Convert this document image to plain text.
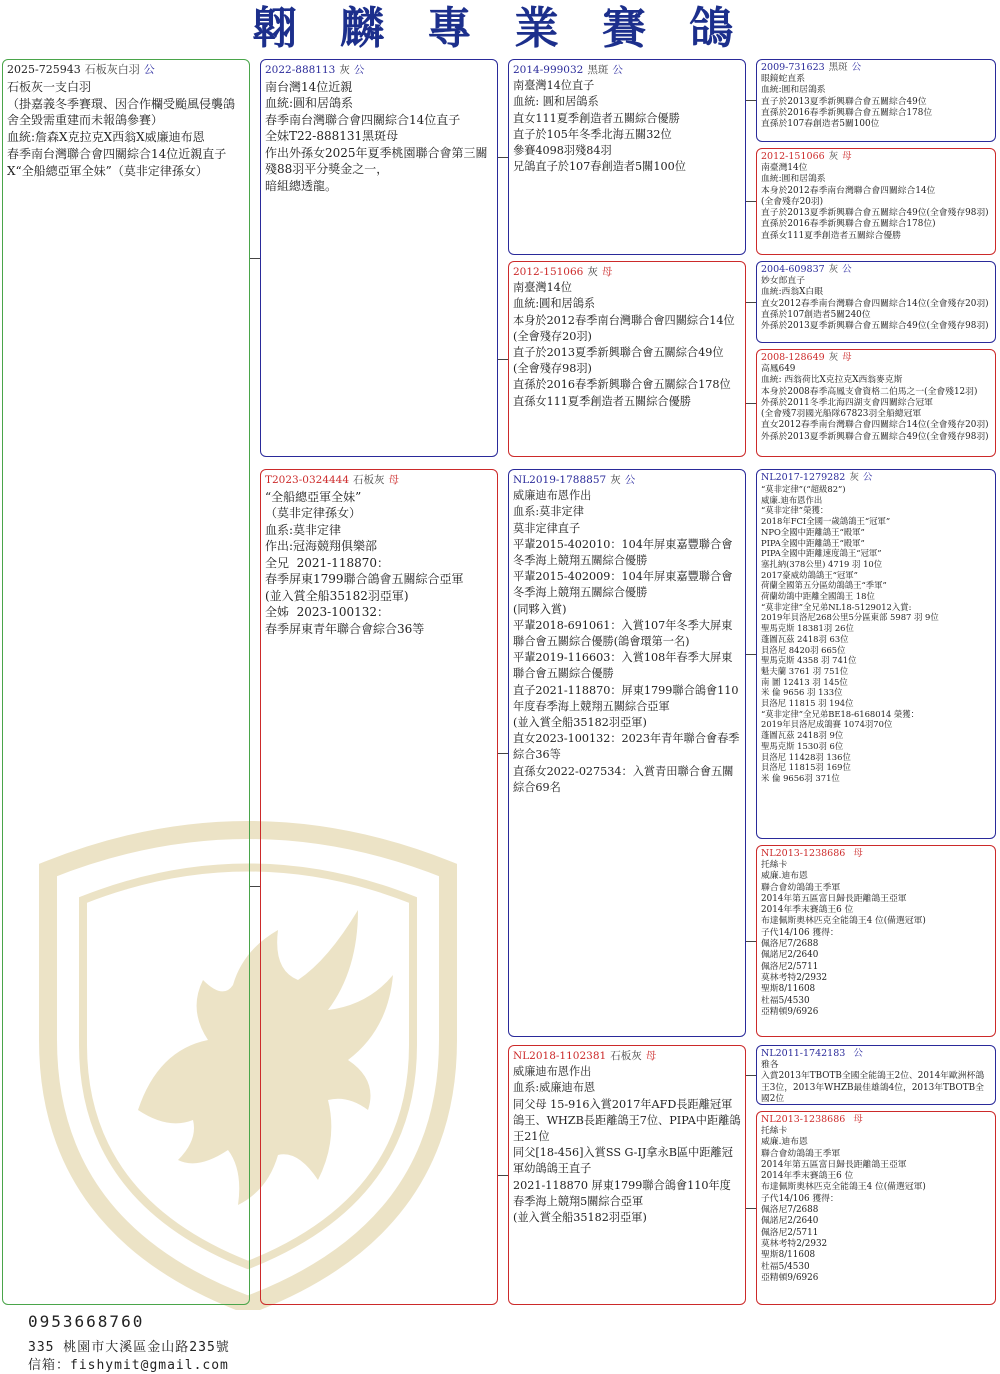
翺 麟 專 業 賽 鴿
2025-725943 石板灰白羽 公
石板灰一支白羽
（掛嘉義冬季賽環、因合作欄受颱風侵襲鴿舍全毀需重建而未報鴿參賽）
血統:詹森X克拉克X西翁X威廉迪布恩
春季南台灣聯合會四關綜合14位近親直子X“全船總亞軍全妹”（莫非定律孫女）
2022-888113 灰 公
南台灣14位近親
血統:圓和居鴿系
春季南台灣聯合會四關綜合14位直子
全妹T22-888131黑斑母
作出外孫女2025年夏季桃園聯合會第三關殘88羽平分獎金之一，
暗組總透龍。
T2023-0324444 石板灰 母
“全船總亞軍全妹”
（莫非定律孫女）
血系:莫非定律
作出:冠海競翔俱樂部
全兄  2021-118870：
春季屏東1799聯合鴿會五關綜合亞軍
(並入賞全船35182羽亞軍)
全姊  2023-100132：
春季屏東青年聯合會綜合36等
2014-999032 黑斑 公
南臺灣14位直子
血統: 圓和居鴿系
直女111夏季創造者五關綜合優勝
直子於105年冬季北海五關32位
參賽4098羽殘84羽
兄鴿直子於107春創造者5關100位
2012-151066 灰 母
南臺灣14位
血統:圓和居鴿系
本身於2012春季南台灣聯合會四關綜合14位
(全會殘存20羽)
直子於2013夏季新興聯合會五關綜合49位
(全會殘存98羽)
直孫於2016春季新興聯合會五關綜合178位
直孫女111夏季創造者五關綜合優勝
NL2019-1788857 灰 公
威廉迪布恩作出
血系:莫非定律
莫非定律直子
平輩2015-402010：104年屏東嘉豐聯合會冬季海上競翔五關綜合優勝
平輩2015-402009：104年屏東嘉豐聯合會冬季海上競翔五關綜合優勝
(同夥入賞)
平輩2018-691061：入賞107年冬季大屏東聯合會五關綜合優勝(鴿會環第一名)
平輩2019-116603：入賞108年春季大屏東聯合會五關綜合優勝
直子2021-118870：屏東1799聯合鴿會110年度春季海上競翔五關綜合亞軍
(並入賞全船35182羽亞軍)
直女2023-100132：2023年青年聯合會春季綜合36等
直孫女2022-027534：入賞青田聯合會五關綜合69名
NL2018-1102381 石板灰 母
威廉迪布恩作出
血系:威廉迪布恩
同父母 15-916入賞2017年AFD長距離冠軍鴿王、WHZB長距離鴿王7位、PIPA中距離鴿王21位
同父[18-456]入賞SS G-IJ拿永B區中距離冠軍幼鴿鴿王直子
2021-118870 屏東1799聯合鴿會110年度春季海上競翔5關綜合亞軍
(並入賞全船35182羽亞軍)
2009-731623 黑斑 公
眼鏡蛇直系
血統:圓和居鴿系
直子於2013夏季新興聯合會五關綜合49位
直孫於2016春季新興聯合會五關綜合178位
直孫於107春創造者5關100位
2012-151066 灰 母
南臺灣14位
血統:圓和居鴿系
本身於2012春季南台灣聯合會四關綜合14位
(全會殘存20羽)
直子於2013夏季新興聯合會五關綜合49位(全會殘存98羽)
直孫於2016春季新興聯合會五關綜合178位)
直孫女111夏季創造者五關綜合優勝
2004-609837 灰 公
妙女郎直子
血統:西翁X白眼
直女2012春季南台灣聯合會四關綜合14位(全會殘存20羽)
直孫於107創造者5關240位
外孫於2013夏季新興聯合會五關綜合49位(全會殘存98羽)
2008-128649 灰 母
高鳳649
血統: 西翁荷比X克拉克X西翁麥克斯
本身於2008春季高鳳支會資格二伯馬之一(全會殘12羽)
外孫於2011冬季北海四湖支會四關綜合冠軍
(全會殘7羽國光船隊67823羽全船總冠軍
直女2012春季南台灣聯合會四關綜合14位(全會殘存20羽)
外孫於2013夏季新興聯合會五關綜合49位(全會殘存98羽)
NL2017-1279282 灰 公
“莫非定律”(“超級82”)
威廉.迪布恩作出
“莫非定律”榮獲：
2018年FCI全國一歲鴿鴿王“冠軍”
NPO全國中距離鴿王“殿軍”
PIPA全國中距離鴿王“殿軍”
PIPA全國中距離速度鴿王“冠軍”
塞扎納(378公里) 4719 羽 10位
2017豪威幼鴿鴿王“冠軍”
荷蘭全國第五分區幼鴿鴿王“季軍”
荷蘭幼鴿中距離全國鴿王 18位
“莫非定律”全兄弟NL18-5129012入賞:
2019年貝洛尼268公里5分區東部 5987 羽 9位
聖馬克斯 18381羽 26位
蓬圖瓦茲 2418羽 63位
貝洛尼 8420羽 665位
聖馬克斯 4358 羽 741位
魁夫蘭 3761 羽 751位
南 圖 12413 羽 145位
米 倫 9656 羽 133位
貝洛尼 11815 羽 194位
“莫非定律”全兄弟BE18-6168014 榮獲：
2019年貝洛尼成鴿賽 1074羽70位
蓬圖瓦茲 2418羽 9位
聖馬克斯 1530羽 6位
貝洛尼 11428羽 136位
貝洛尼 11815羽 169位
米 倫 9656羽 371位
NL2013-1238686 母
托絲卡
威廉.迪布恩
聯合會幼鴿鴿王季軍
2014年第五區富日歸長距離鴿王亞軍
2014年季末賽鴿王6 位
布達佩斯奧林匹克全能鴿王4 位(備選冠軍)
子代14/106 獲得：
佩洛尼7/2688
佩諾尼2/2640
佩洛尼2/5711
莫林考特2/2932
聖斯8/11608
杜福5/4530
亞精頓9/6926
NL2011-1742183 公
雅各
入賞2013年TBOTB全國全能鴿王2位、2014年歐洲杯鴿王3位，2013年WHZB最佳雄鴿4位，2013年TBOTB全國2位
NL2013-1238686 母
托絲卡
威廉.迪布恩
聯合會幼鴿鴿王季軍
2014年第五區富日歸長距離鴿王亞軍
2014年季末賽鴿王6 位
布達佩斯奧林匹克全能鴿王4 位(備選冠軍)
子代14/106 獲得：
佩洛尼7/2688
佩諾尼2/2640
佩洛尼2/5711
莫林考特2/2932
聖斯8/11608
杜福5/4530
亞精頓9/6926
0953668760
335 桃園市大溪區金山路235號
信箱：fishymit@gmail.com
